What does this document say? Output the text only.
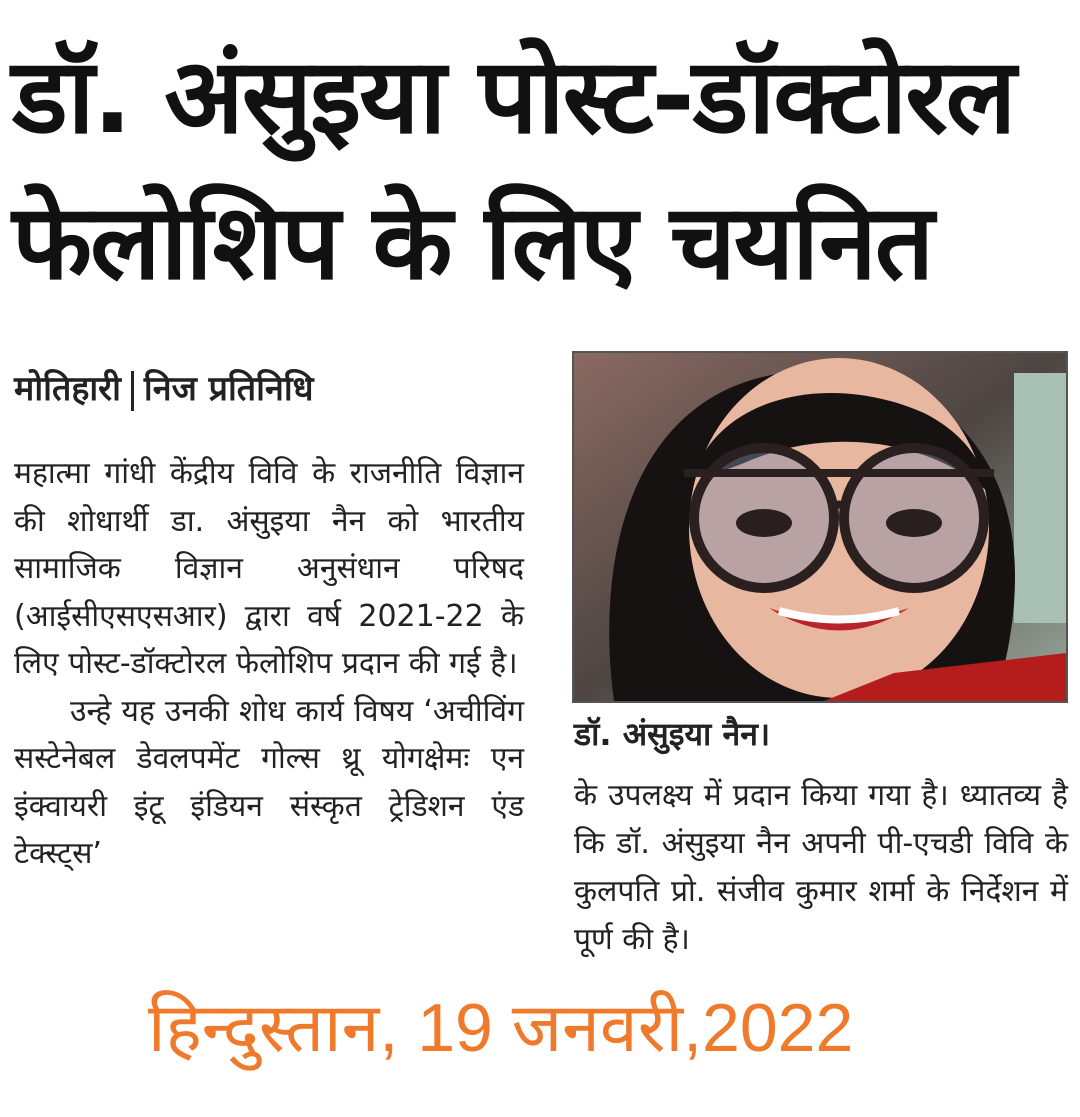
डॉ. अंसुइया पोस्ट-डॉक्टोरल
फेलोशिप के लिए चयनित
मोतिहारी निज प्रतिनिधि

महात्मा गांधी केंद्रीय विवि के राजनीति विज्ञान की शोधार्थी डा. अंसुइया नैन को भारतीय सामाजिक विज्ञान अनुसंधान परिषद (आईसीएसएसआर) द्वारा वर्ष 2021-22 के लिए पोस्ट-डॉक्टोरल फेलोशिप प्रदान की गई है।

उन्हे यह उनकी शोध कार्य विषय ‘अचीविंग सस्टेनेबल डेवलपमेंट गोल्स थ्रू योगक्षेमः एन इंक्वायरी इंटू इंडियन संस्कृत ट्रेडिशन एंड टेक्स्ट्स’

डॉ. अंसुइया नैन।

के उपलक्ष्य में प्रदान किया गया है। ध्यातव्य है कि डॉ. अंसुइया नैन अपनी पी-एचडी विवि के कुलपति प्रो. संजीव कुमार शर्मा के निर्देशन में पूर्ण की है।

हिन्दुस्तान, 19 जनवरी,2022
